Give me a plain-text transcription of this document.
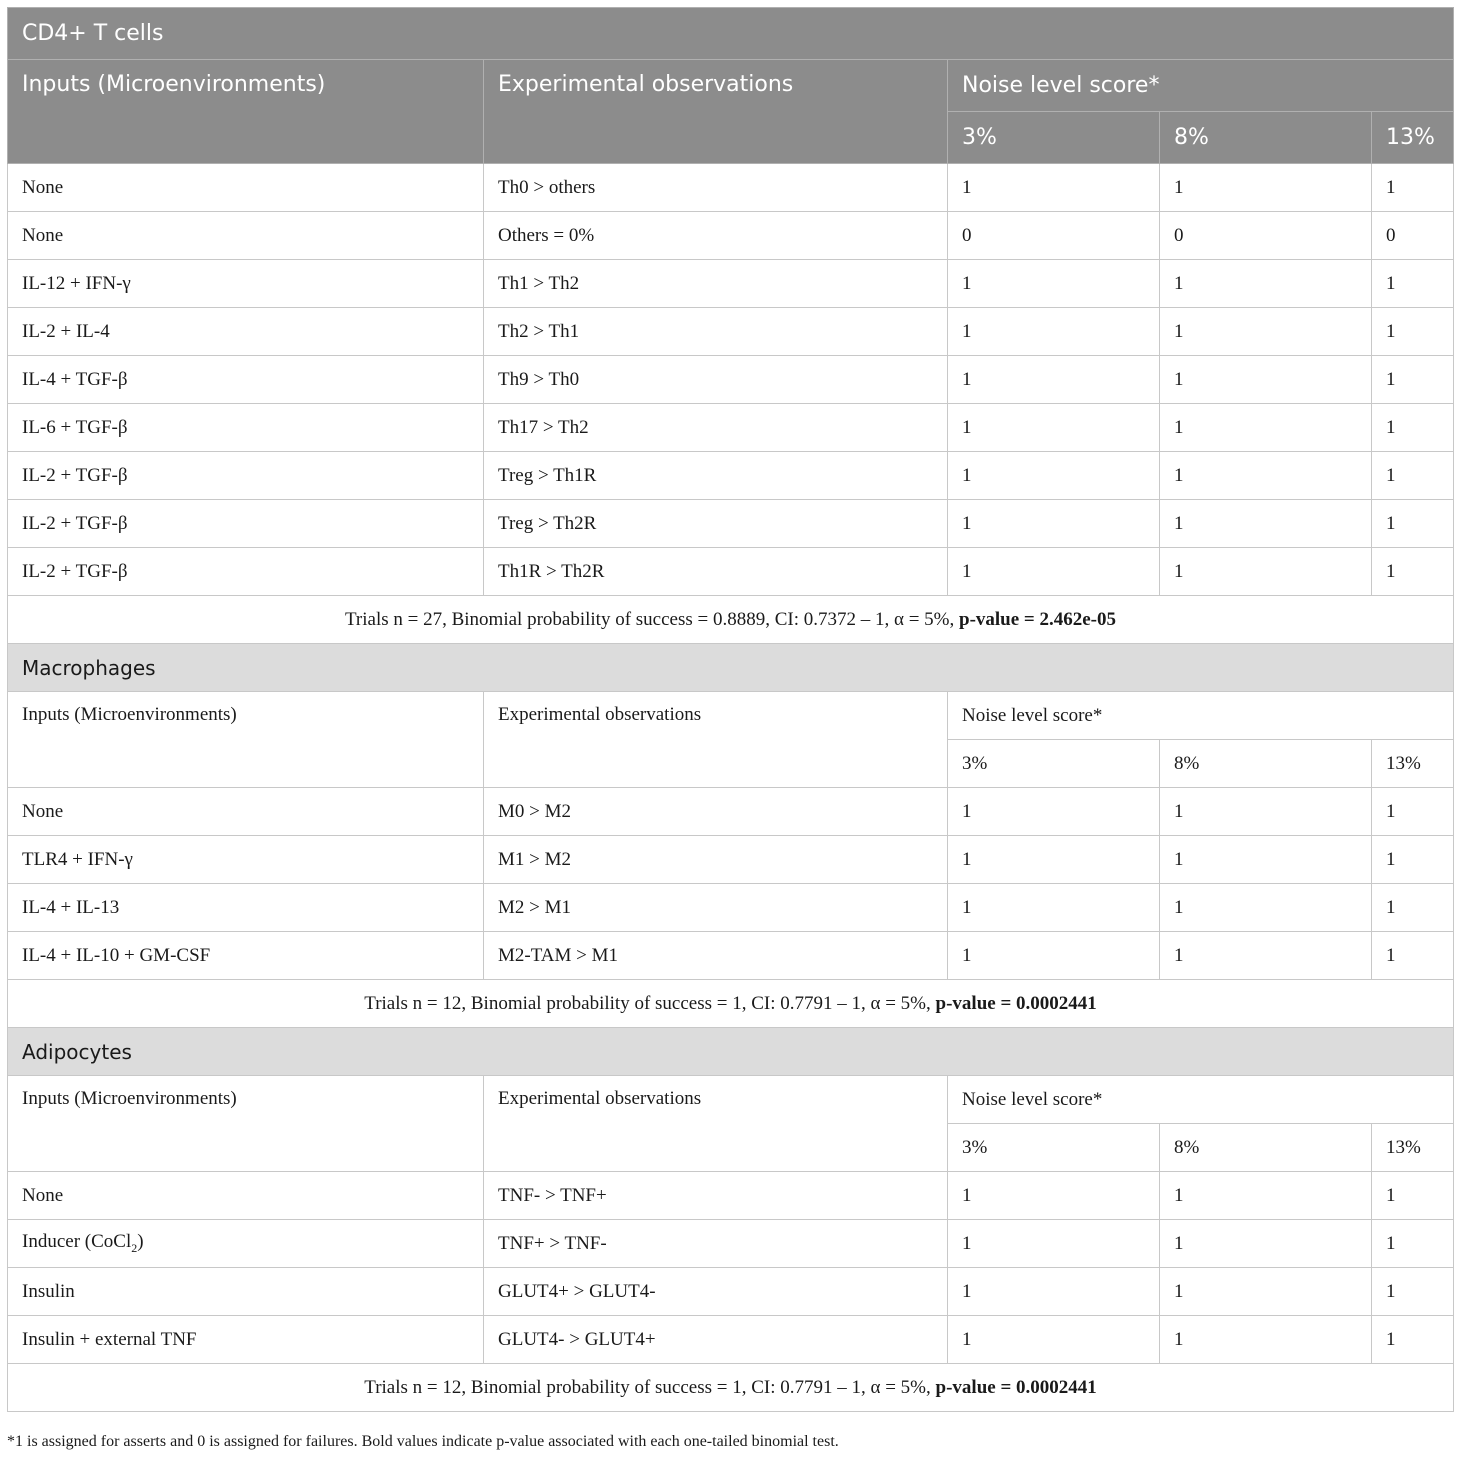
CD4+ T cells				
Inputs (Microenvironments)	Experimental observations	Noise level score*		
		3%	8%	13%
None	Th0 > others	1	1	1
None	Others = 0%	0	0	0
IL-12 + IFN-γ	Th1 > Th2	1	1	1
IL-2 + IL-4	Th2 > Th1	1	1	1
IL-4 + TGF-β	Th9 > Th0	1	1	1
IL-6 + TGF-β	Th17 > Th2	1	1	1
IL-2 + TGF-β	Treg > Th1R	1	1	1
IL-2 + TGF-β	Treg > Th2R	1	1	1
IL-2 + TGF-β	Th1R > Th2R	1	1	1
Trials n = 27, Binomial probability of success = 0.8889, CI: 0.7372 – 1, α = 5%, p-value = 2.462e-05				
Macrophages				
Inputs (Microenvironments)	Experimental observations	Noise level score*		
		3%	8%	13%
None	M0 > M2	1	1	1
TLR4 + IFN-γ	M1 > M2	1	1	1
IL-4 + IL-13	M2 > M1	1	1	1
IL-4 + IL-10 + GM-CSF	M2-TAM > M1	1	1	1
Trials n = 12, Binomial probability of success = 1, CI: 0.7791 – 1, α = 5%, p-value = 0.0002441				
Adipocytes				
Inputs (Microenvironments)	Experimental observations	Noise level score*		
		3%	8%	13%
None	TNF- > TNF+	1	1	1
Inducer (CoCl$_2$)	TNF+ > TNF-	1	1	1
Insulin	GLUT4+ > GLUT4-	1	1	1
Insulin + external TNF	GLUT4- > GLUT4+	1	1	1
Trials n = 12, Binomial probability of success = 1, CI: 0.7791 – 1, α = 5%, p-value = 0.0002441				
*1 is assigned for asserts and 0 is assigned for failures. Bold values indicate p-value associated with each one-tailed binomial test.
